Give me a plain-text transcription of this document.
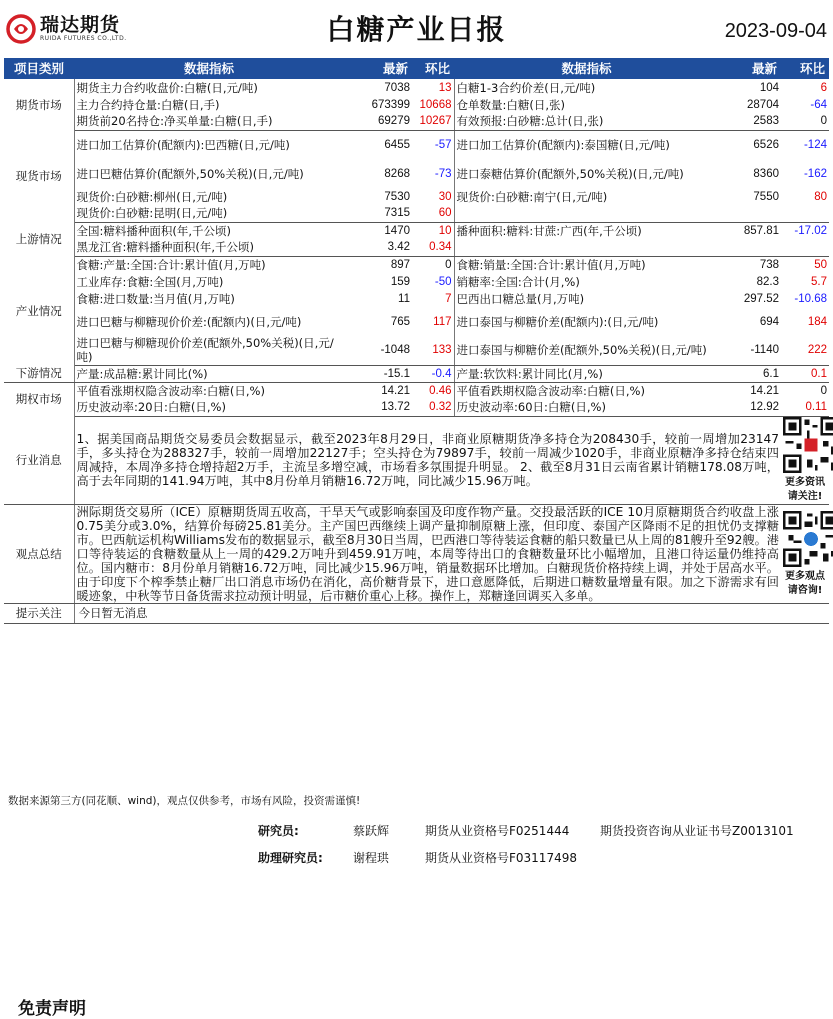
瑞达期货
RUIDA FUTURES CO.,LTD.	白糖产业日报	2023-09-04
项目类别	数据指标	最新	环比	数据指标	最新	环比
期货市场	期货主力合约收盘价:白糖(日,元/吨)	7038	13	白糖1-3合约价差(日,元/吨)	104	6
	主力合约持仓量:白糖(日,手)	673399	10668	仓单数量:白糖(日,张)	28704	-64
	期货前20名持仓:净买单量:白糖(日,手)	69279	10267	有效预报:白砂糖:总计(日,张)	2583	0
现货市场	进口加工估算价(配额内):巴西糖(日,元/吨)	6455	-57	进口加工估算价(配额内):泰国糖(日,元/吨)	6526	-124
	进口巴糖估算价(配额外,50%关税)(日,元/吨)	8268	-73	进口泰糖估算价(配额外,50%关税)(日,元/吨)	8360	-162
	现货价:白砂糖:柳州(日,元/吨)	7530	30	现货价:白砂糖:南宁(日,元/吨)	7550	80
	现货价:白砂糖:昆明(日,元/吨)	7315	60			
上游情况	全国:糖料播种面积(年,千公顷)	1470	10	播种面积:糖料:甘蔗:广西(年,千公顷)	857.81	-17.02
	黑龙江省:糖料播种面积(年,千公顷)	3.42	0.34			
产业情况	食糖:产量:全国:合计:累计值(月,万吨)	897	0	食糖:销量:全国:合计:累计值(月,万吨)	738	50
	工业库存:食糖:全国(月,万吨)	159	-50	销糖率:全国:合计(月,%)	82.3	5.7
	食糖:进口数量:当月值(月,万吨)	11	7	巴西出口糖总量(月,万吨)	297.52	-10.68
	进口巴糖与柳糖现价价差:(配额内)(日,元/吨)	765	117	进口泰国与柳糖价差(配额内):(日,元/吨)	694	184
	进口巴糖与柳糖现价价差(配额外,50%关税)(日,元/吨)	-1048	133	进口泰国与柳糖价差(配额外,50%关税)(日,元/吨)	-1140	222
下游情况	产量:成品糖:累计同比(%)	-15.1	-0.4	产量:软饮料:累计同比(月,%)	6.1	0.1
期权市场	平值看涨期权隐含波动率:白糖(日,%)	14.21	0.46	平值看跌期权隐含波动率:白糖(日,%)	14.21	0
	历史波动率:20日:白糖(日,%)	13.72	0.32	历史波动率:60日:白糖(日,%)	12.92	0.11
行业消息	1、据美国商品期货交易委员会数据显示，截至2023年8月29日，非商业原糖期货净多持仓为208430手，较前一周增加23147手，多头持仓为288327手，较前一周增加22127手；空头持仓为79897手，较前一周减少1020手，非商业原糖净多持仓结束四周减持，本周净多持仓增持超2万手，主流呈多增空减，市场看多氛围提升明显。 2、截至8月31日云南省累计销糖178.08万吨，高于去年同期的141.94万吨，其中8月份单月销糖16.72万吨，同比减少15.96万吨。					更多资讯请关注!

观点总结	洲际期货交易所（ICE）原糖期货周五收高，干旱天气或影响泰国及印度作物产量。交投最活跃的ICE 10月原糖期货合约收盘上涨0.75美分或3.0%，结算价每磅25.81美分。主产国巴西继续上调产量抑制原糖上涨，但印度、泰国产区降雨不足的担忧仍支撑糖市。巴西航运机构Williams发布的数据显示，截至8月30日当周，巴西港口等待装运食糖的船只数量已从上周的81艘升至92艘。港口等待装运的食糖数量从上一周的429.2万吨升到459.91万吨，本周等待出口的食糖数量环比小幅增加，且港口待运量仍维持高位。国内糖市：8月份单月销糖16.72万吨，同比减少15.96万吨，销量数据环比增加。白糖现货价格持续上调，并处于居高水平。由于印度下个榨季禁止糖厂出口消息市场仍在消化，高价糖背景下，进口意愿降低，后期进口糖数量增量有限。加之下游需求有回暖迹象，中秋等节日备货需求拉动预计明显，后市糖价重心上移。操作上，郑糖逢回调买入多单。					更多观点请咨询!

提示关注	今日暂无消息					
数据来源第三方(同花顺、wind)，观点仅供参考，市场有风险，投资需谨慎!
研究员:	蔡跃辉	期货从业资格号F0251444	期货投资咨询从业证书号Z0013101
助理研究员:	谢程珙	期货从业资格号F03117498
免责声明
